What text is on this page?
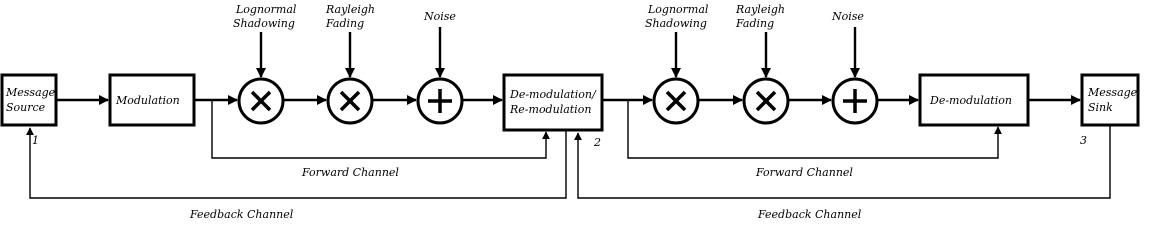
Message
Source
Modulation	De-modulation/
Re-modulation
De-modulation
Message
Sink
1	2	3
Lognormal
Shadowing
Rayleigh
Fading
Noise
Lognormal
Shadowing
Rayleigh
Fading
Noise
Forward Channel	Forward Channel
Feedback Channel	Feedback Channel
